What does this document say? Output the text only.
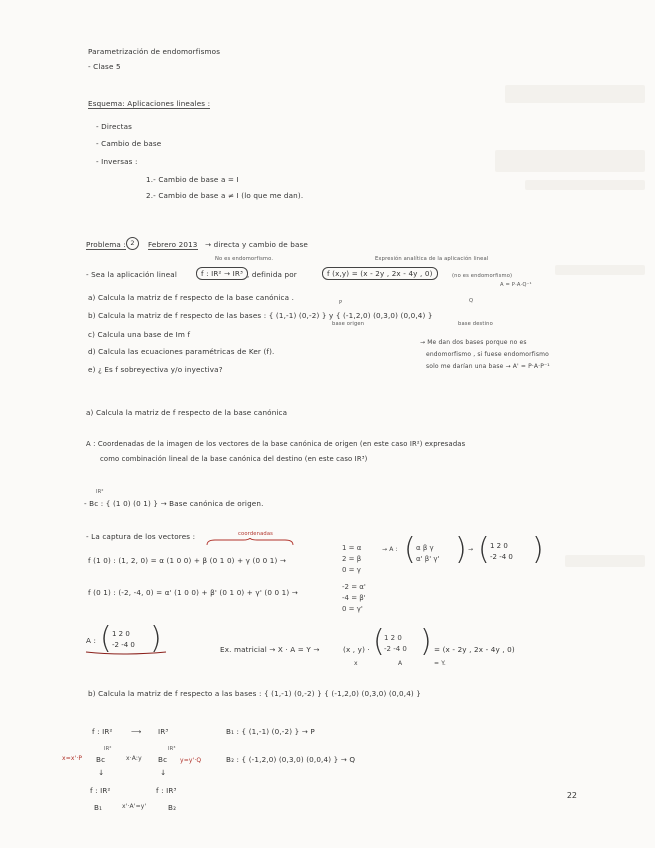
Parametrización de endomorfismos
- Clase 5
Esquema: Aplicaciones lineales :
- Directas
- Cambio de base
- Inversas :
1.- Cambio de base a = I
2.- Cambio de base a ≠ I (lo que me dan).
Problema : 2	Febrero 2013 → directa y cambio de base
No es endomorfismo.	Expresión analítica de la aplicación lineal
- Sea la aplicación lineal	f : IR² → IR³ , definida por	f (x,y) = (x - 2y , 2x - 4y , 0)	(no es endomorfismo)
A = P·A·Q⁻¹
a) Calcula la matriz de f respecto de la base canónica .
P	Q
b) Calcula la matriz de f respecto de las bases : { (1,-1) (0,-2) } y { (-1,2,0) (0,3,0) (0,0,4) }
base origen	base destino
c) Calcula una base de Im f
d) Calcula las ecuaciones paramétricas de Ker (f).
e) ¿ Es f sobreyectiva y/o inyectiva?
→ Me dan dos bases porque no es
endomorfismo , si fuese endomorfismo
solo me darían una base → A' = P·A·P⁻¹
a) Calcula la matriz de f respecto de la base canónica
A : Coordenadas de la imagen de los vectores de la base canónica de origen (en este caso IR²) expresadas
como combinación lineal de la base canónica del destino (en este caso IR³)
- Bc : { (1 0) (0 1) } → Base canónica de origen.
IR²
- La captura de los vectores :	coordenadas
f (1 0) : (1, 2, 0) = α (1 0 0) + β (0 1 0) + γ (0 0 1) →
1 = α
2 = β
0 = γ
→ A : ( α β γ
α' β' γ' ) → ( 1 2 0
-2 -4 0 )
f (0 1) : (-2, -4, 0) = α' (1 0 0) + β' (0 1 0) + γ' (0 0 1) →
-2 = α'
-4 = β'
0 = γ'
A : ( 1 2 0
-2 -4 0 )	Ex. matricial → X · A = Y →	(x , y) · ( 1 2 0
-2 -4 0 ) = (x - 2y , 2x - 4y , 0)
x	A	= Y.
b) Calcula la matriz de f respecto a las bases : { (1,-1) (0,-2) } { (-1,2,0) (0,3,0) (0,0,4) }
f : IR²	⟶ IR³	B₁ : { (1,-1) (0,-2) } → P
x=x'·P Bc
IR²
x·A:y Bc
IR³
y=y'·Q	B₂ : { (-1,2,0) (0,3,0) (0,0,4) } → Q
↓	↓
f : IR²	f : IR³
B₁	x'·A'=y'	B₂
22
